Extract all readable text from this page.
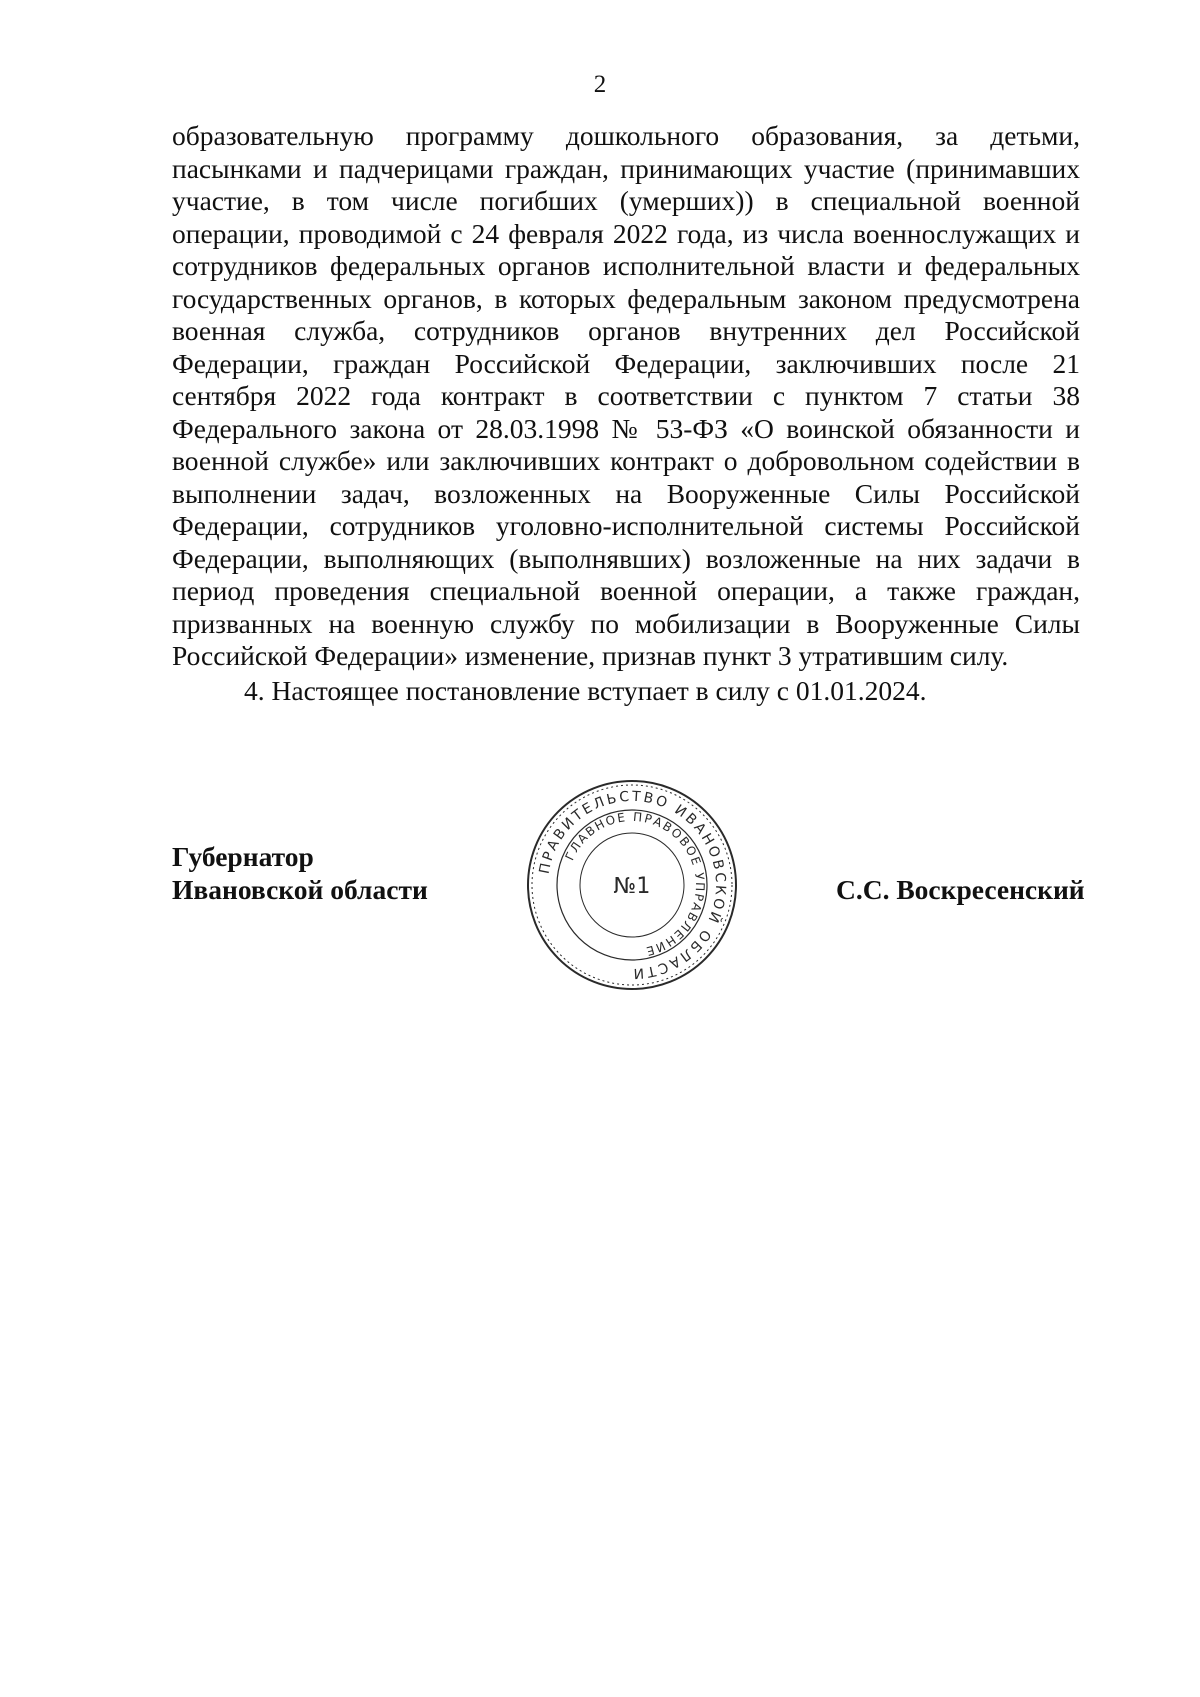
2

образовательную программу дошкольного образования, за детьми, пасынками и падчерицами граждан, принимающих участие (принимавших участие, в том числе погибших (умерших)) в специальной военной операции, проводимой с 24 февраля 2022 года, из числа военнослужащих и сотрудников федеральных органов исполнительной власти и федеральных государственных органов, в которых федеральным законом предусмотрена военная служба, сотрудников органов внутренних дел Российской Федерации, граждан Российской Федерации, заключивших после 21 сентября 2022 года контракт в соответствии с пунктом 7 статьи 38 Федерального закона от 28.03.1998 № 53-ФЗ «О воинской обязанности и военной службе» или заключивших контракт о добровольном содействии в выполнении задач, возложенных на Вооруженные Силы Российской Федерации, сотрудников уголовно-исполнительной системы Российской Федерации, выполняющих (выполнявших) возложенные на них задачи в период проведения специальной военной операции, а также граждан, призванных на военную службу по мобилизации в Вооруженные Силы Российской Федерации» изменение, признав пункт 3 утратившим силу.

4. Настоящее постановление вступает в силу с 01.01.2024.

Губернатор
Ивановской области
ПРАВИТЕЛЬСТВО ИВАНОВСКОЙ ОБЛАСТИ
ГЛАВНОЕ ПРАВОВОЕ УПРАВЛЕНИЕ
№1	С.С. Воскресенский
